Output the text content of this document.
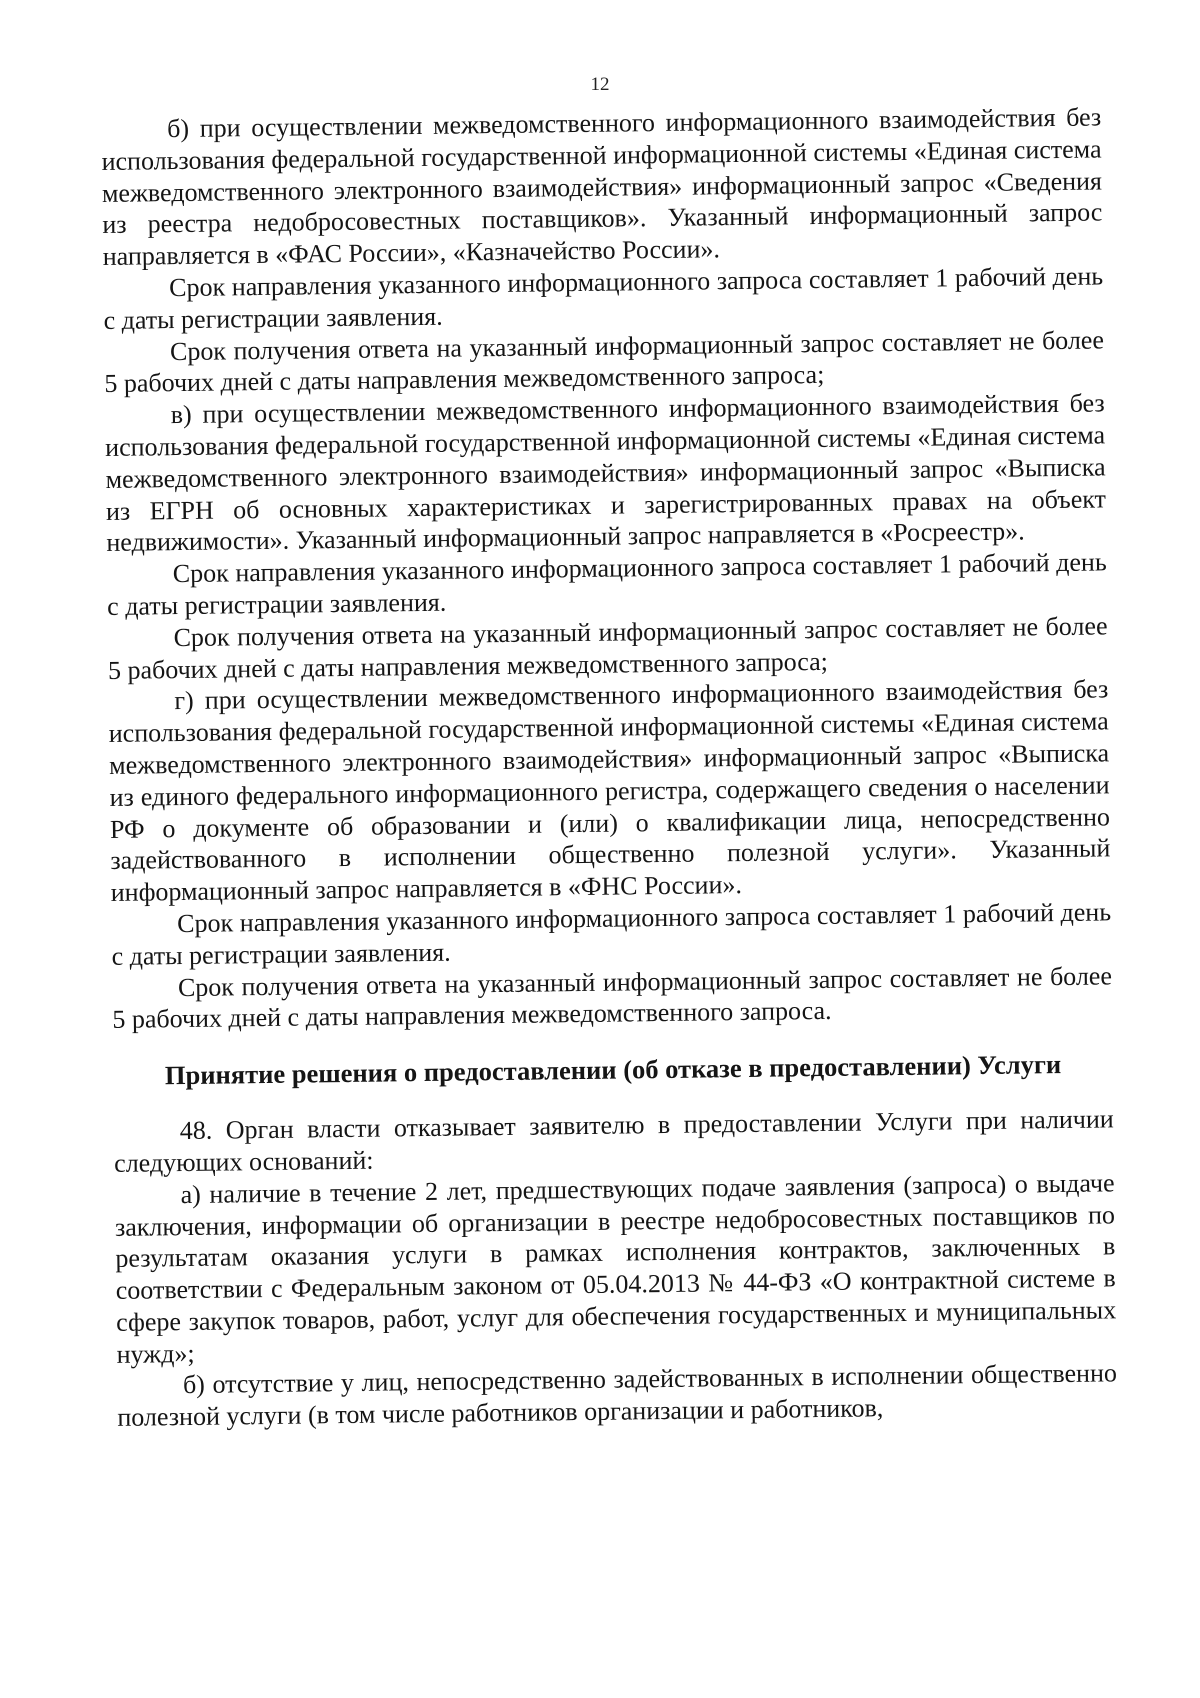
12

б) при осуществлении межведомственного информационного взаимодействия без использования федеральной государственной информационной системы «Единая система межведомственного электронного взаимодействия» информационный запрос «Сведения из реестра недобросовестных поставщиков». Указанный информационный запрос направляется в «ФАС России», «Казначейство России».

Срок направления указанного информационного запроса составляет 1 рабочий день с даты регистрации заявления.

Срок получения ответа на указанный информационный запрос составляет не более 5 рабочих дней с даты направления межведомственного запроса;

в) при осуществлении межведомственного информационного взаимодействия без использования федеральной государственной информационной системы «Единая система межведомственного электронного взаимодействия» информационный запрос «Выписка из ЕГРН об основных характеристиках и зарегистрированных правах на объект недвижимости». Указанный информационный запрос направляется в «Росреестр».

Срок направления указанного информационного запроса составляет 1 рабочий день с даты регистрации заявления.

Срок получения ответа на указанный информационный запрос составляет не более 5 рабочих дней с даты направления межведомственного запроса;

г) при осуществлении межведомственного информационного взаимодействия без использования федеральной государственной информационной системы «Единая система межведомственного электронного взаимодействия» информационный запрос «Выписка из единого федерального информационного регистра, содержащего сведения о населении РФ о документе об образовании и (или) о квалификации лица, непосредственно задействованного в исполнении общественно полезной услуги». Указанный информационный запрос направляется в «ФНС России».

Срок направления указанного информационного запроса составляет 1 рабочий день с даты регистрации заявления.

Срок получения ответа на указанный информационный запрос составляет не более 5 рабочих дней с даты направления межведомственного запроса.

Принятие решения о предоставлении (об отказе в предоставлении) Услуги

48. Орган власти отказывает заявителю в предоставлении Услуги при наличии следующих оснований:

а) наличие в течение 2 лет, предшествующих подаче заявления (запроса) о выдаче заключения, информации об организации в реестре недобросовестных поставщиков по результатам оказания услуги в рамках исполнения контрактов, заключенных в соответствии с Федеральным законом от 05.04.2013 № 44-ФЗ «О контрактной системе в сфере закупок товаров, работ, услуг для обеспечения государственных и муниципальных нужд»;

б) отсутствие у лиц, непосредственно задействованных в исполнении общественно полезной услуги (в том числе работников организации и работников,
